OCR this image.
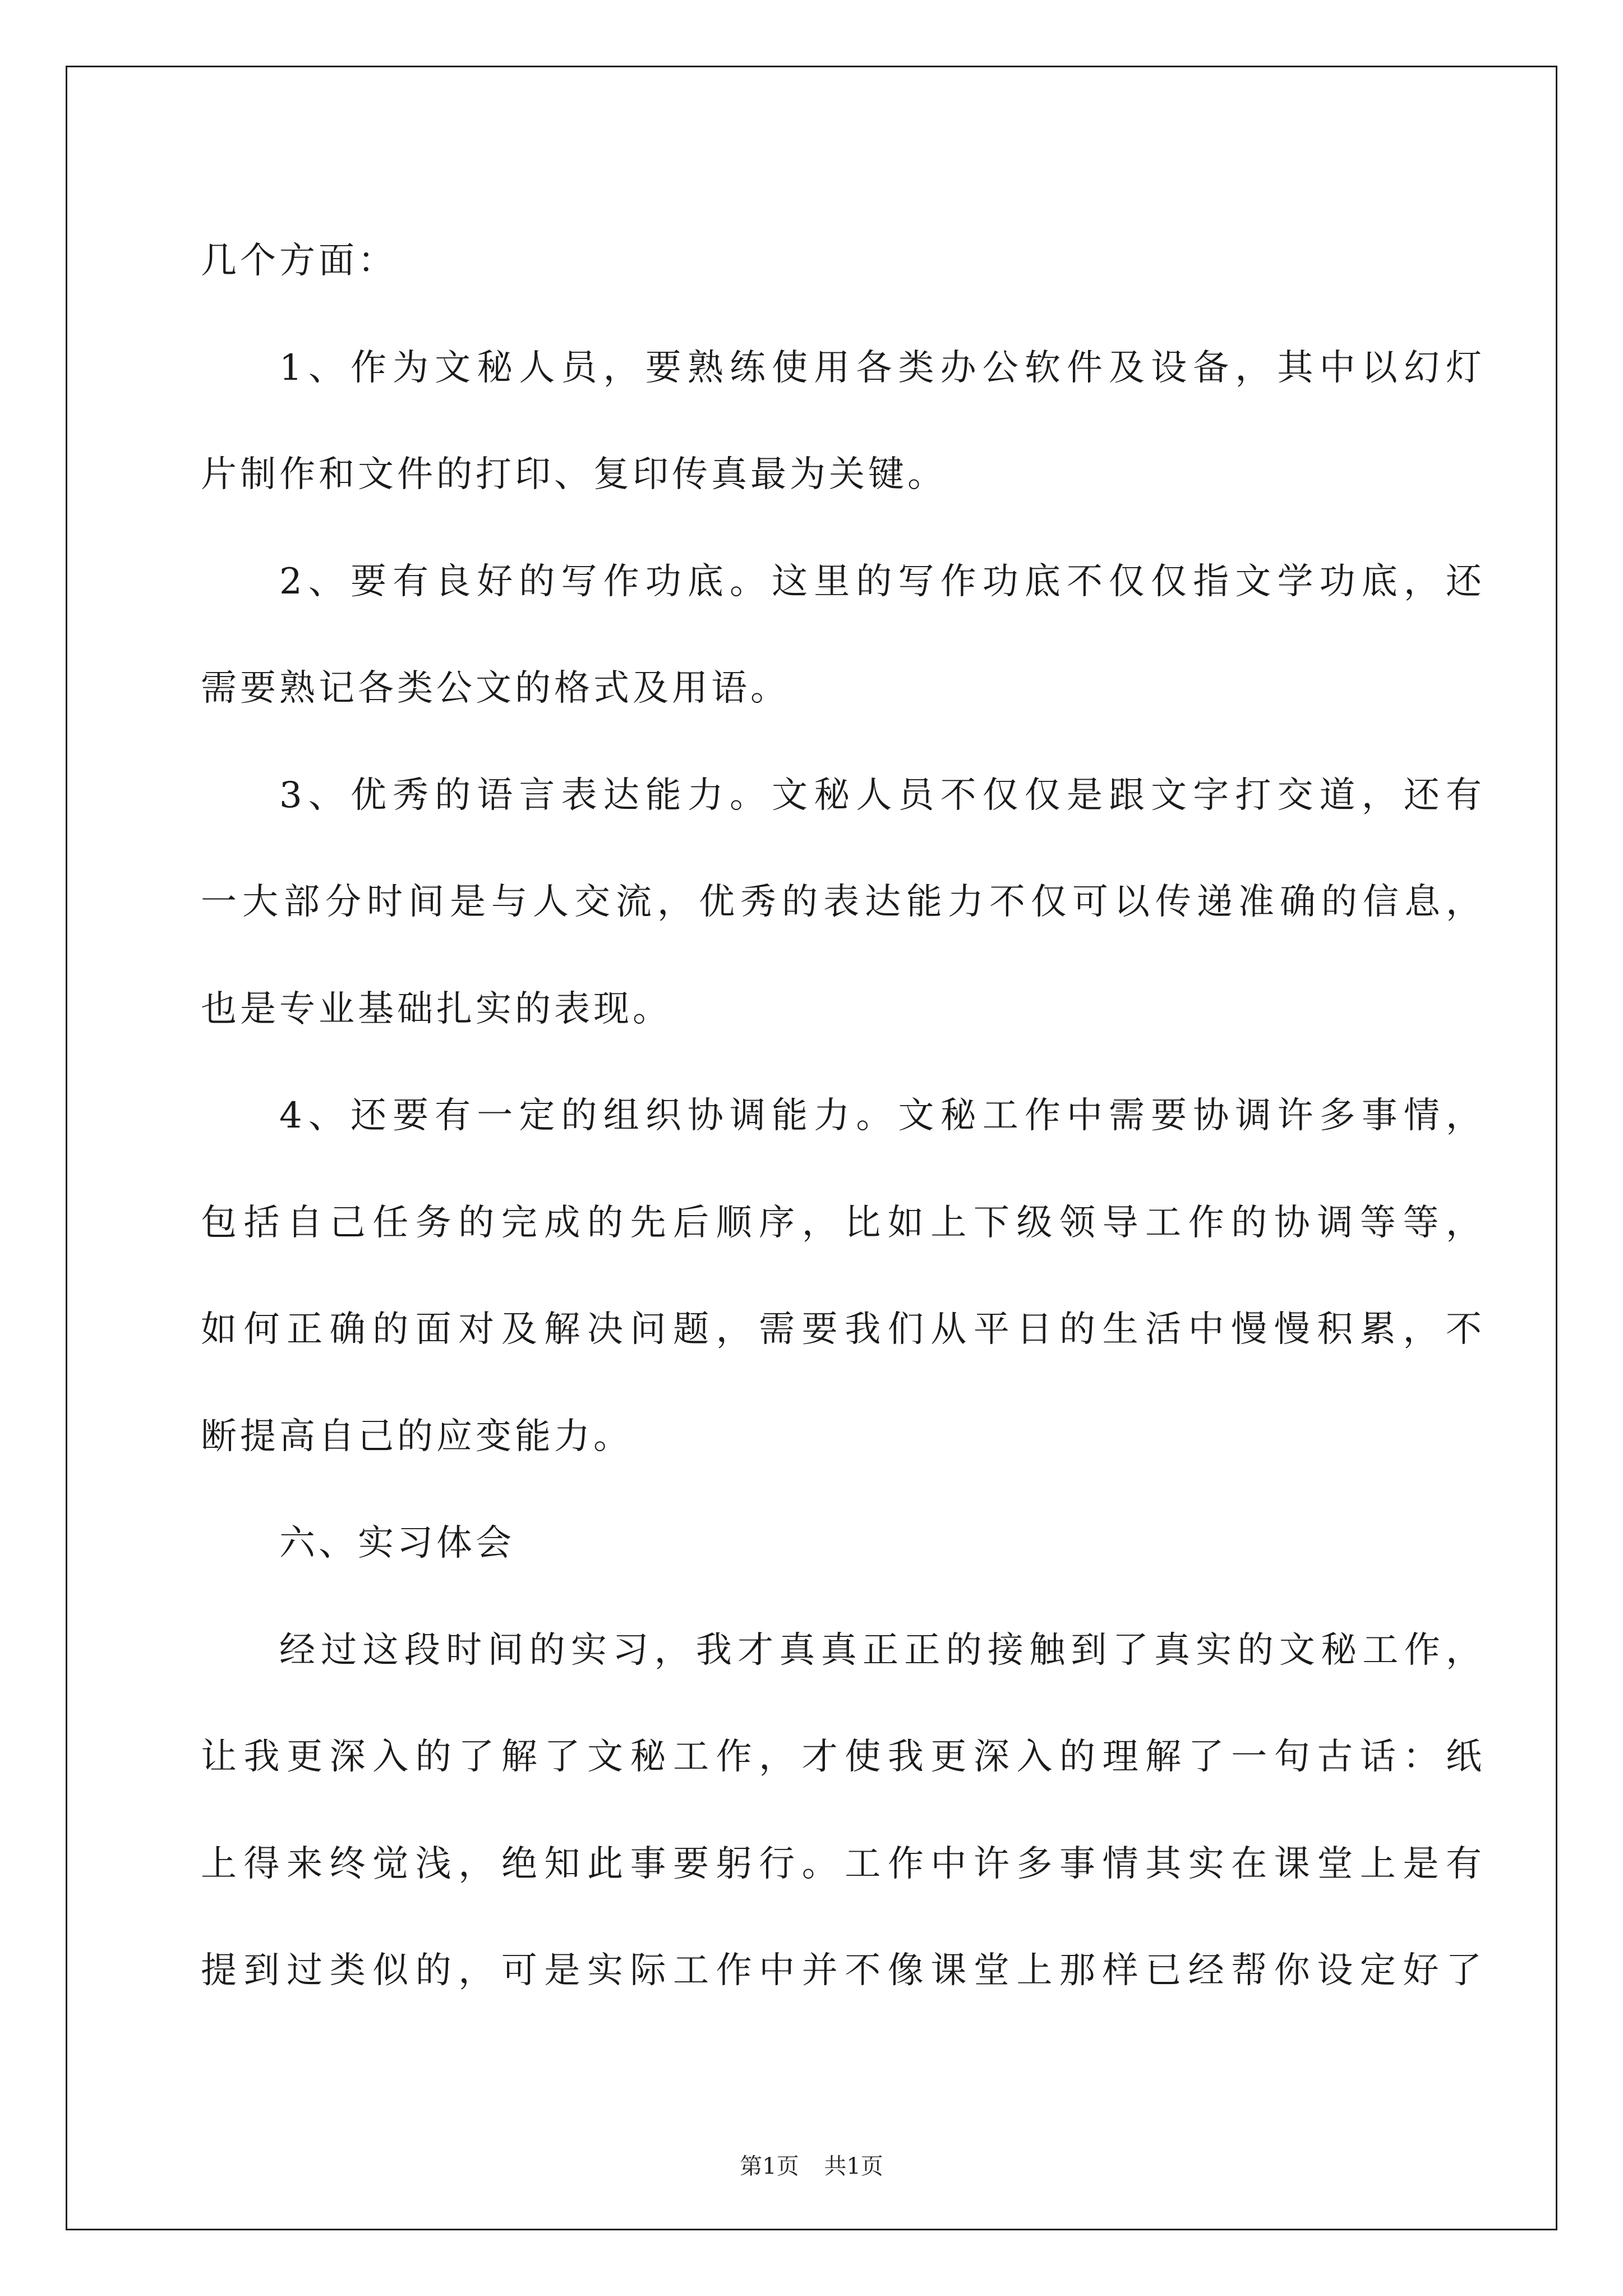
几个方面：
1、作为文秘人员，要熟练使用各类办公软件及设备，其中以幻灯
片制作和文件的打印、复印传真最为关键。
2、要有良好的写作功底。这里的写作功底不仅仅指文学功底，还
需要熟记各类公文的格式及用语。
3、优秀的语言表达能力。文秘人员不仅仅是跟文字打交道，还有
一大部分时间是与人交流，优秀的表达能力不仅可以传递准确的信息，
也是专业基础扎实的表现。
4、还要有一定的组织协调能力。文秘工作中需要协调许多事情，
包括自己任务的完成的先后顺序，比如上下级领导工作的协调等等，
如何正确的面对及解决问题，需要我们从平日的生活中慢慢积累，不
断提高自己的应变能力。
六、实习体会
经过这段时间的实习，我才真真正正的接触到了真实的文秘工作，
让我更深入的了解了文秘工作，才使我更深入的理解了一句古话：纸
上得来终觉浅，绝知此事要躬行。工作中许多事情其实在课堂上是有
提到过类似的，可是实际工作中并不像课堂上那样已经帮你设定好了
第1页 共1页
